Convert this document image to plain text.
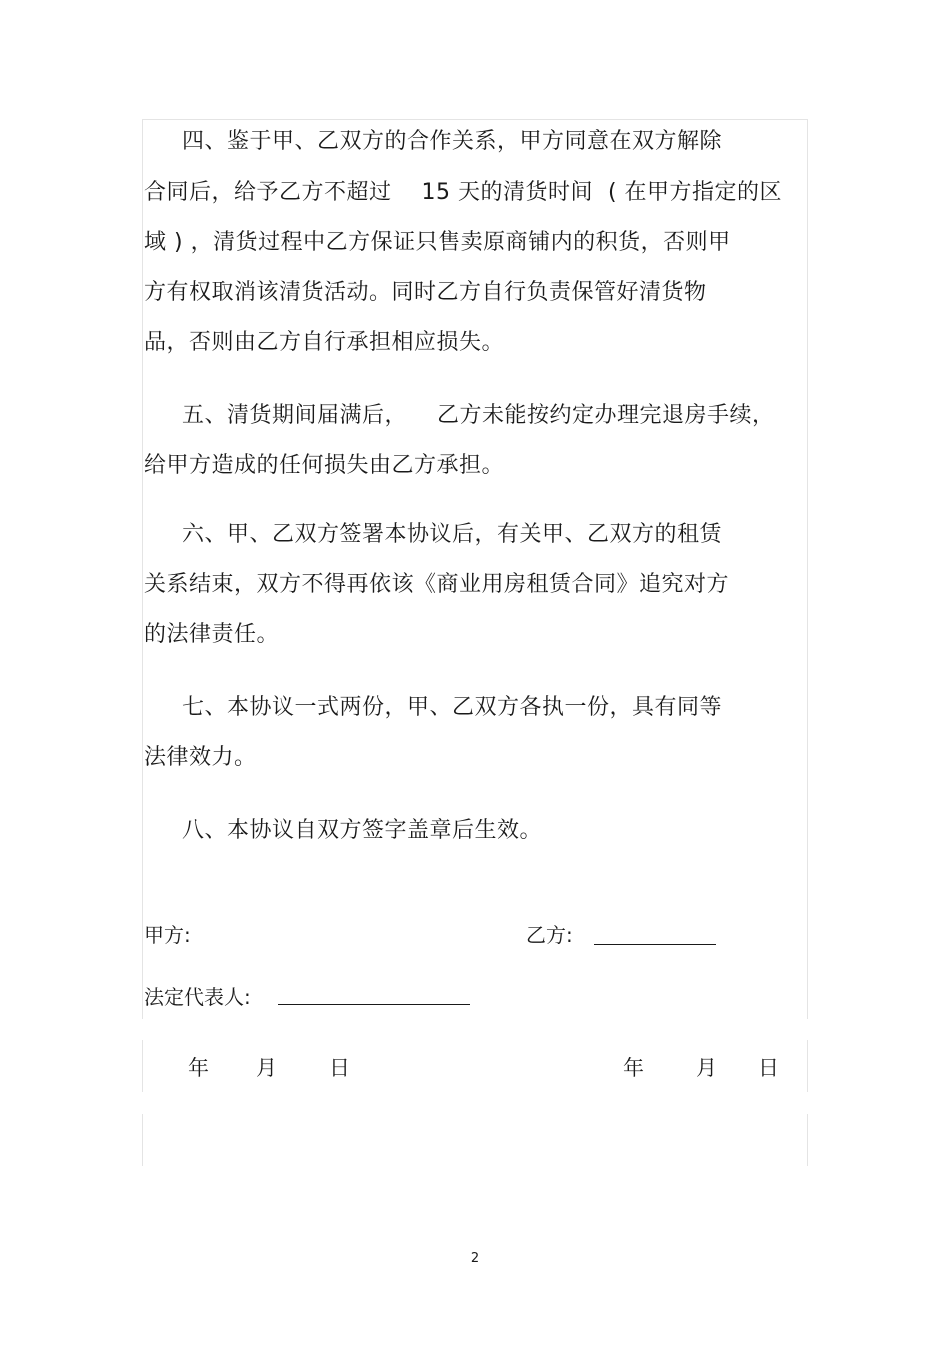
四、鉴于甲、乙双方的合作关系，甲方同意在双方解除
合同后，给予乙方不超过    15 天的清货时间  ( 在甲方指定的区
域 ) ，清货过程中乙方保证只售卖原商铺内的积货，否则甲
方有权取消该清货活动。同时乙方自行负责保管好清货物
品，否则由乙方自行承担相应损失。
五、清货期间届满后，    乙方未能按约定办理完退房手续，
给甲方造成的任何损失由乙方承担。
六、甲、乙双方签署本协议后，有关甲、乙双方的租赁
关系结束，双方不得再依该《商业用房租赁合同》追究对方
的法律责任。
七、本协议一式两份，甲、乙双方各执一份，具有同等
法律效力。
八、本协议自双方签字盖章后生效。
甲方:	乙方:
法定代表人:
年 月 日	年 月 日
2
